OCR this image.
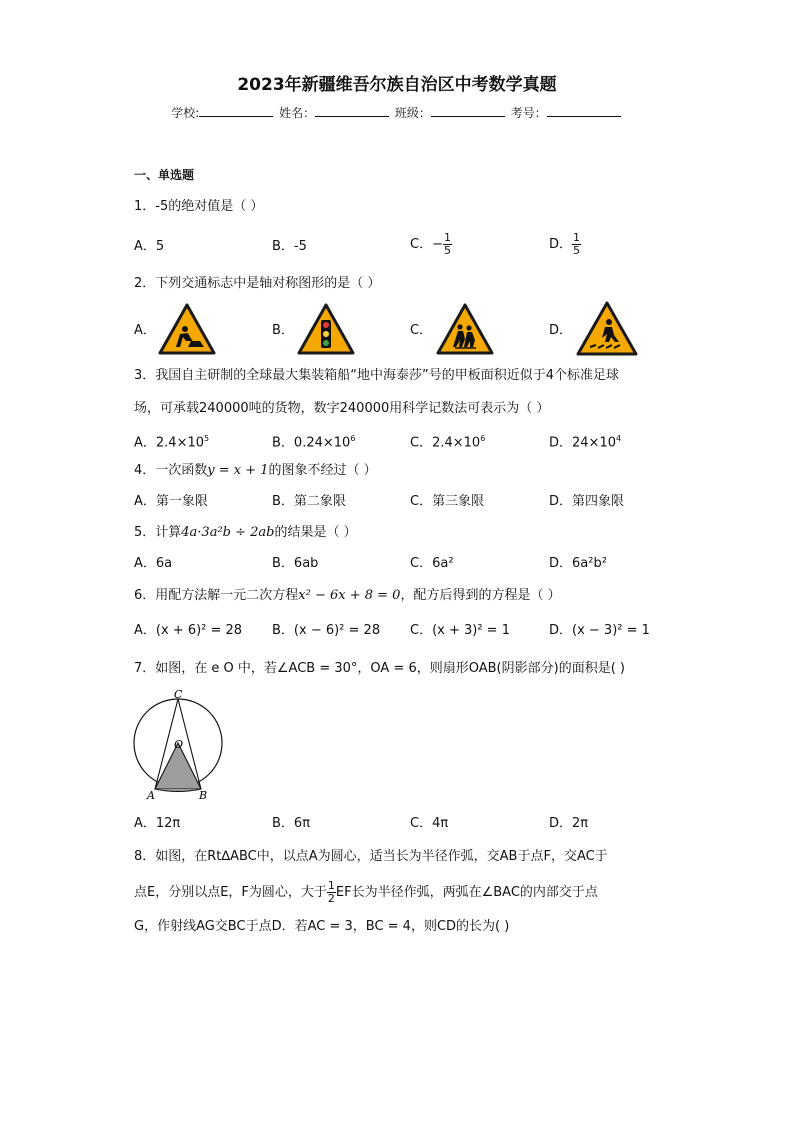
2023年新疆维吾尔族自治区中考数学真题
学校:	姓名：	班级：	考号：
一、单选题
1．-5的绝对值是（ ）
A．5	B．-5	C．− $\frac{1}{5}$	D． $\frac{1}{5}$
2．下列交通标志中是轴对称图形的是（ ）
A．	B．	C．	D．
3．我国自主研制的全球最大集装箱船“地中海泰莎”号的甲板面积近似于4个标准足球
场，可承载240000吨的货物，数字240000用科学记数法可表示为（ ）
A．$2.4\times 10^5$	B．$0.24\times 10^6$	C．$2.4\times 10^6$	D．$24\times 10^4$
4．一次函数y = x + 1的图象不经过（ ）
A．第一象限	B．第二象限	C．第三象限	D．第四象限
5．计算4a·3a²b ÷ 2ab的结果是（ ）
A．6a	B．6ab	C．6a²	D．6a²b²
6．用配方法解一元二次方程x² − 6x + 8 = 0，配方后得到的方程是（ ）
A．(x + 6)² = 28 B．(x − 6)² = 28 C．(x + 3)² = 1	D．(x − 3)² = 1
7．如图，在 e O 中，若∠ACB = 30°，OA = 6，则扇形OAB(阴影部分)的面积是( )
C
O
A	B
A．12π	B．6π	C．4π	D．2π
8．如图，在Rt∆ABC中，以点A为圆心，适当长为半径作弧，交AB于点F，交AC于
点E，分别以点E，F为圆心，大于 $\frac{1}{2}$ EF长为半径作弧，两弧在∠BAC的内部交于点
G，作射线AG交BC于点D．若AC = 3，BC = 4，则CD的长为( )
